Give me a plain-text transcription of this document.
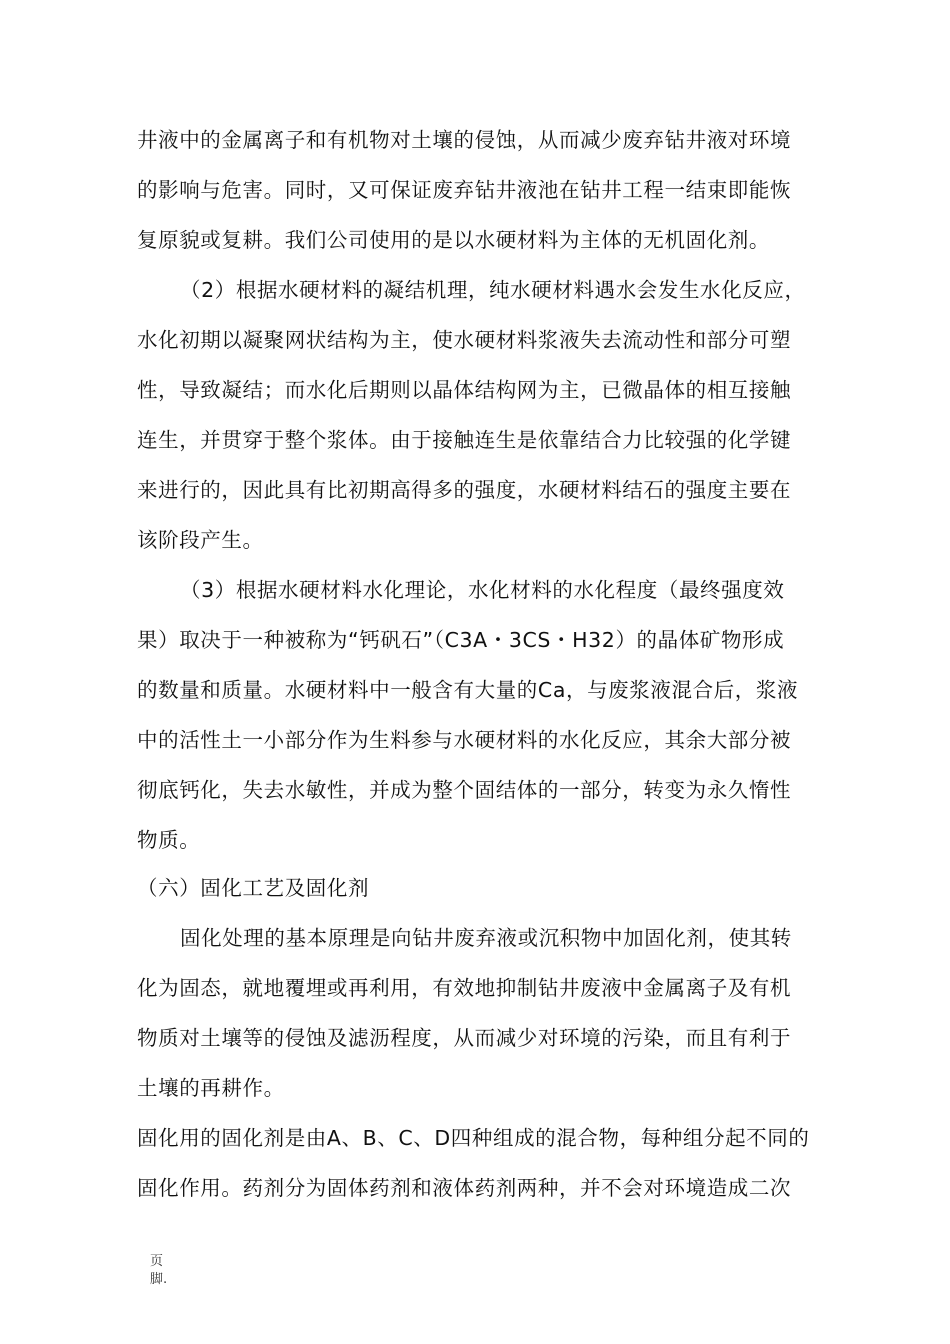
井液中的金属离子和有机物对土壤的侵蚀，从而减少废弃钻井液对环境

的影响与危害。同时，又可保证废弃钻井液池在钻井工程一结束即能恢

复原貌或复耕。我们公司使用的是以水硬材料为主体的无机固化剂。

（2）根据水硬材料的凝结机理，纯水硬材料遇水会发生水化反应，

水化初期以凝聚网状结构为主，使水硬材料浆液失去流动性和部分可塑

性，导致凝结；而水化后期则以晶体结构网为主，已微晶体的相互接触

连生，并贯穿于整个浆体。由于接触连生是依靠结合力比较强的化学键

来进行的，因此具有比初期高得多的强度，水硬材料结石的强度主要在

该阶段产生。

（3）根据水硬材料水化理论，水化材料的水化程度（最终强度效

果）取决于一种被称为“钙矾石”（C3A・3CS・H32）的晶体矿物形成

的数量和质量。水硬材料中一般含有大量的Ca，与废浆液混合后，浆液

中的活性土一小部分作为生料参与水硬材料的水化反应，其余大部分被

彻底钙化，失去水敏性，并成为整个固结体的一部分，转变为永久惰性

物质。

（六）固化工艺及固化剂

固化处理的基本原理是向钻井废弃液或沉积物中加固化剂，使其转

化为固态，就地覆埋或再利用，有效地抑制钻井废液中金属离子及有机

物质对土壤等的侵蚀及滤沥程度，从而减少对环境的污染，而且有利于

土壤的再耕作。

固化用的固化剂是由A、B、C、D四种组成的混合物，每种组分起不同的

固化作用。药剂分为固体药剂和液体药剂两种，并不会对环境造成二次

页
脚.
